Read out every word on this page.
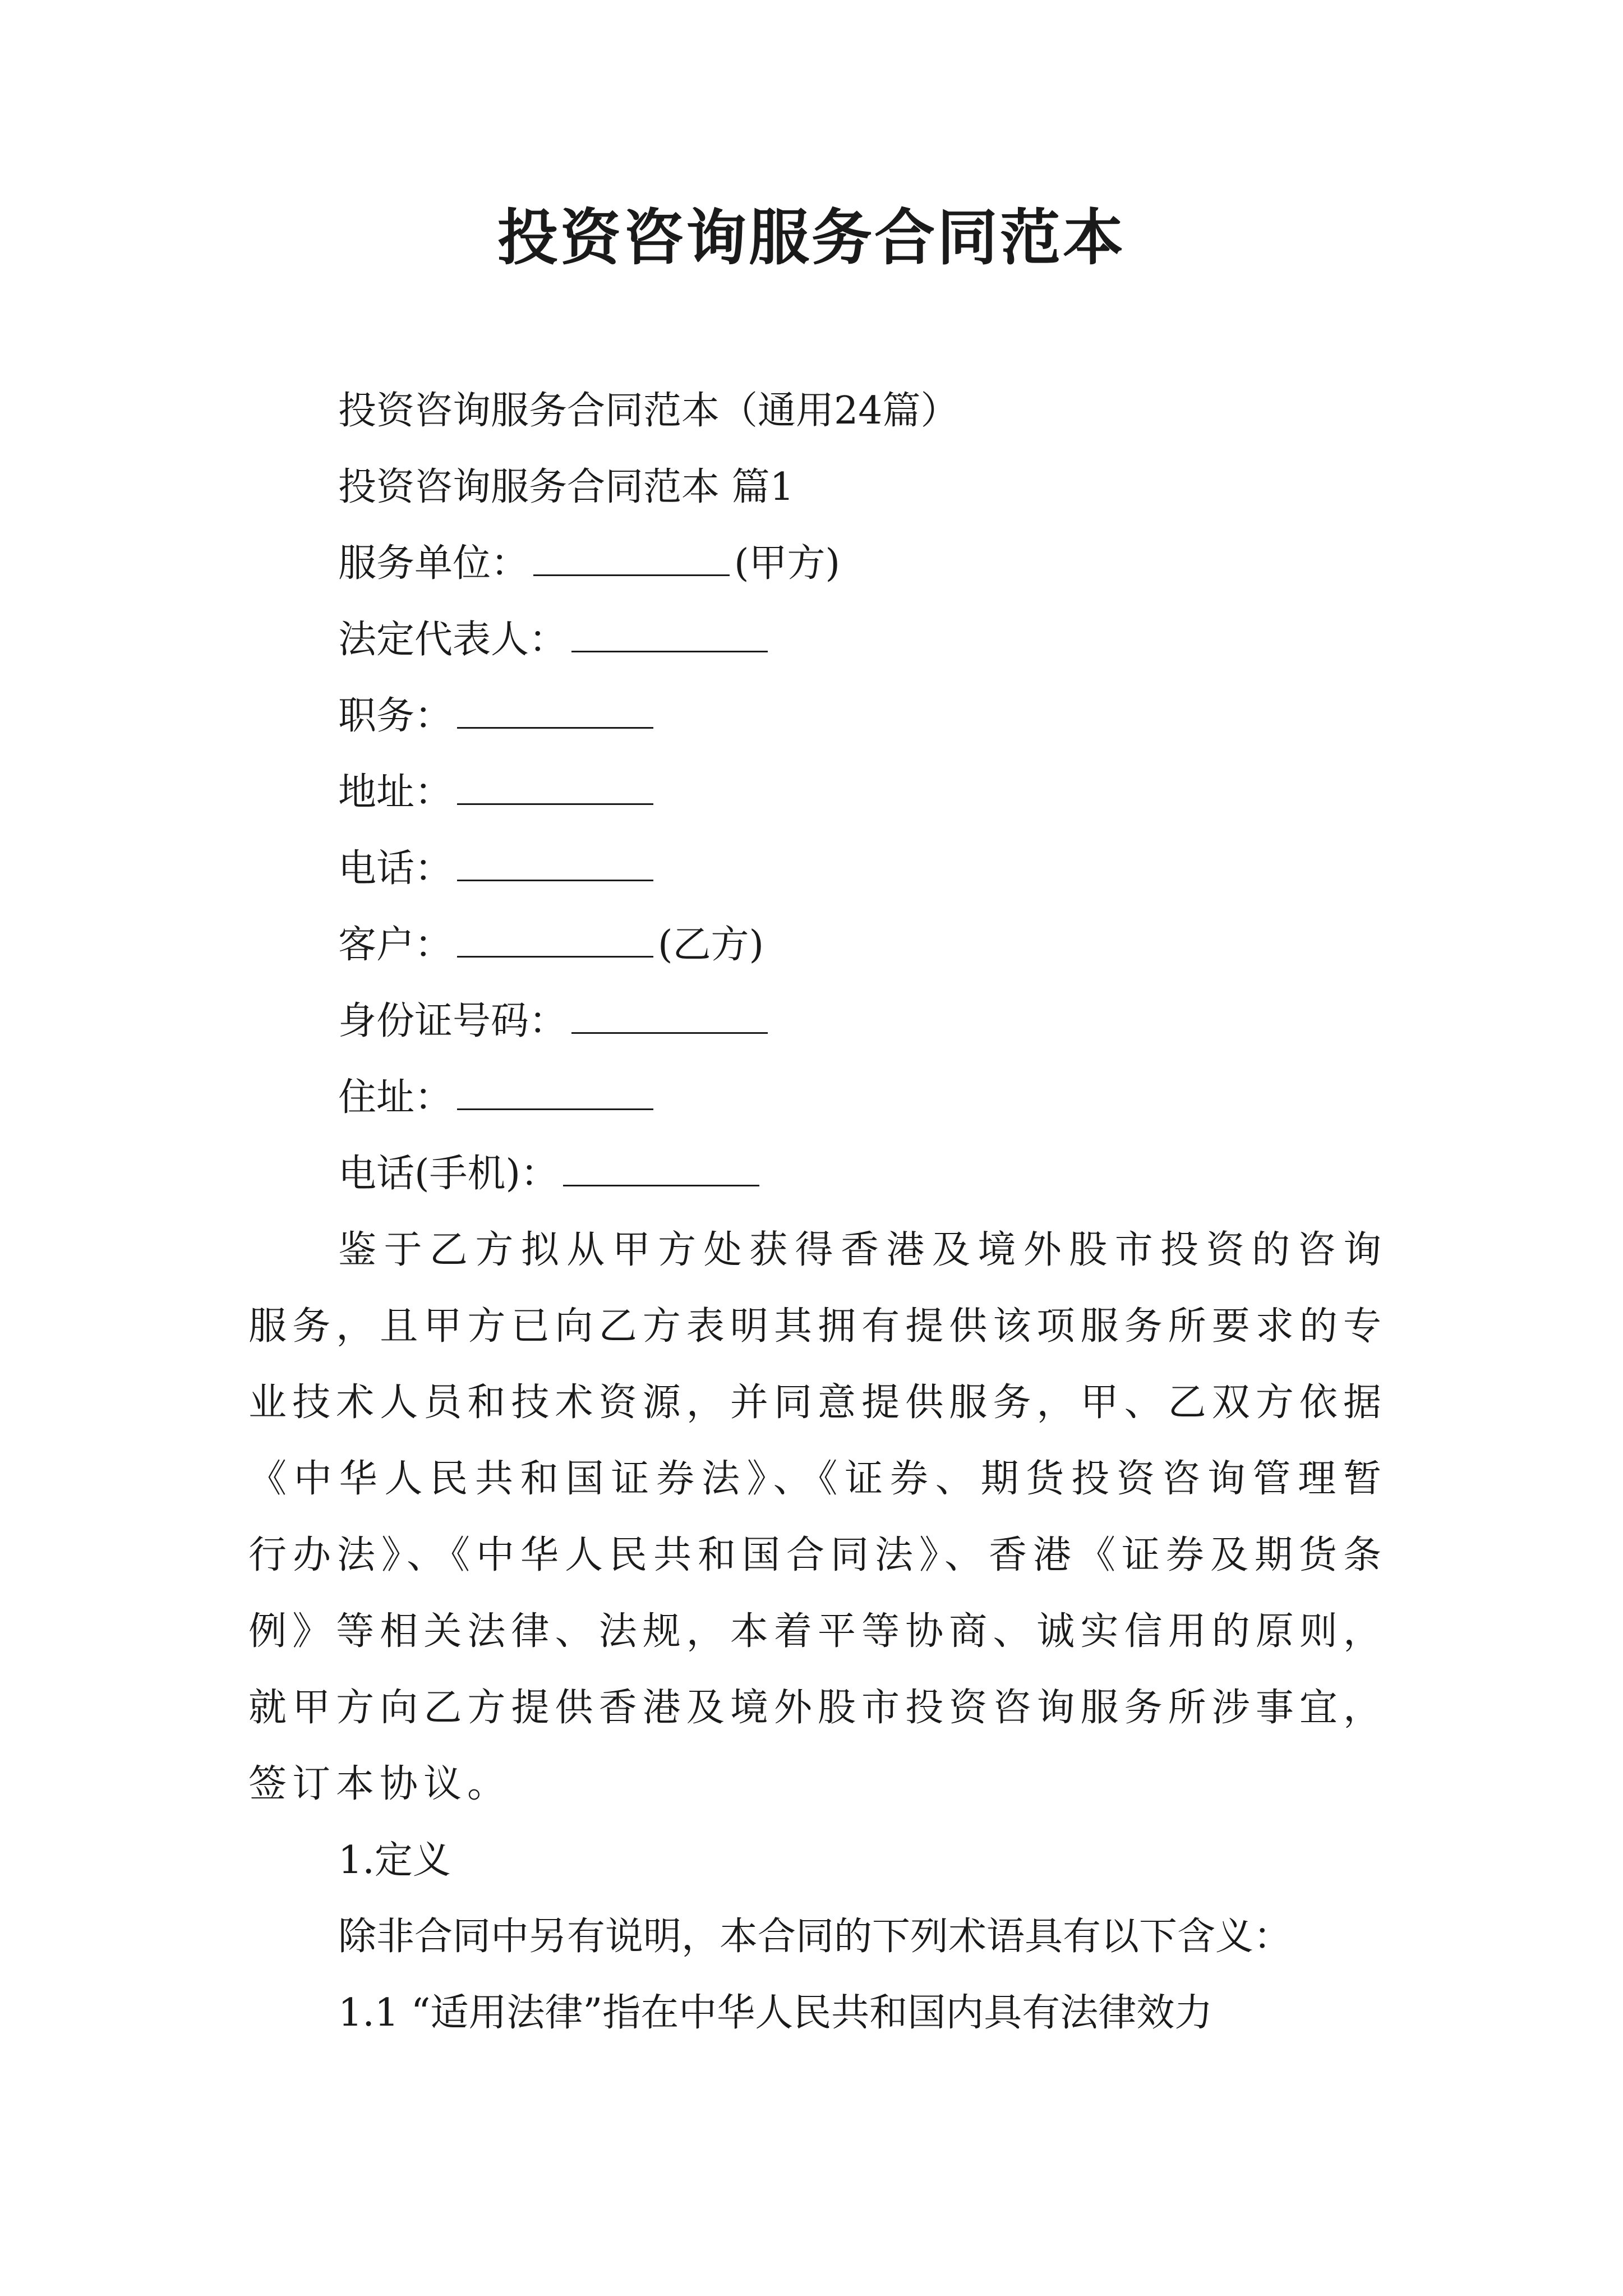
投资咨询服务合同范本
投资咨询服务合同范本（通用24篇）
投资咨询服务合同范本 篇1
服务单位：	(甲方)
法定代表人：
职务：
地址：
电话：
客户：	(乙方)
身份证号码：
住址：
电话(手机)：
鉴于乙方拟从甲方处获得香港及境外股市投资的咨询服务，且甲方已向乙方表明其拥有提供该项服务所要求的专业技术人员和技术资源，并同意提供服务，甲、乙双方依据《中华人民共和国证券法》、《证券、期货投资咨询管理暂行办法》、《中华人民共和国合同法》、香港《证券及期货条例》等相关法律、法规，本着平等协商、诚实信用的原则，就甲方向乙方提供香港及境外股市投资咨询服务所涉事宜，签订本协议。
1.定义
除非合同中另有说明，本合同的下列术语具有以下含义：
1.1 “适用法律”指在中华人民共和国内具有法律效力
